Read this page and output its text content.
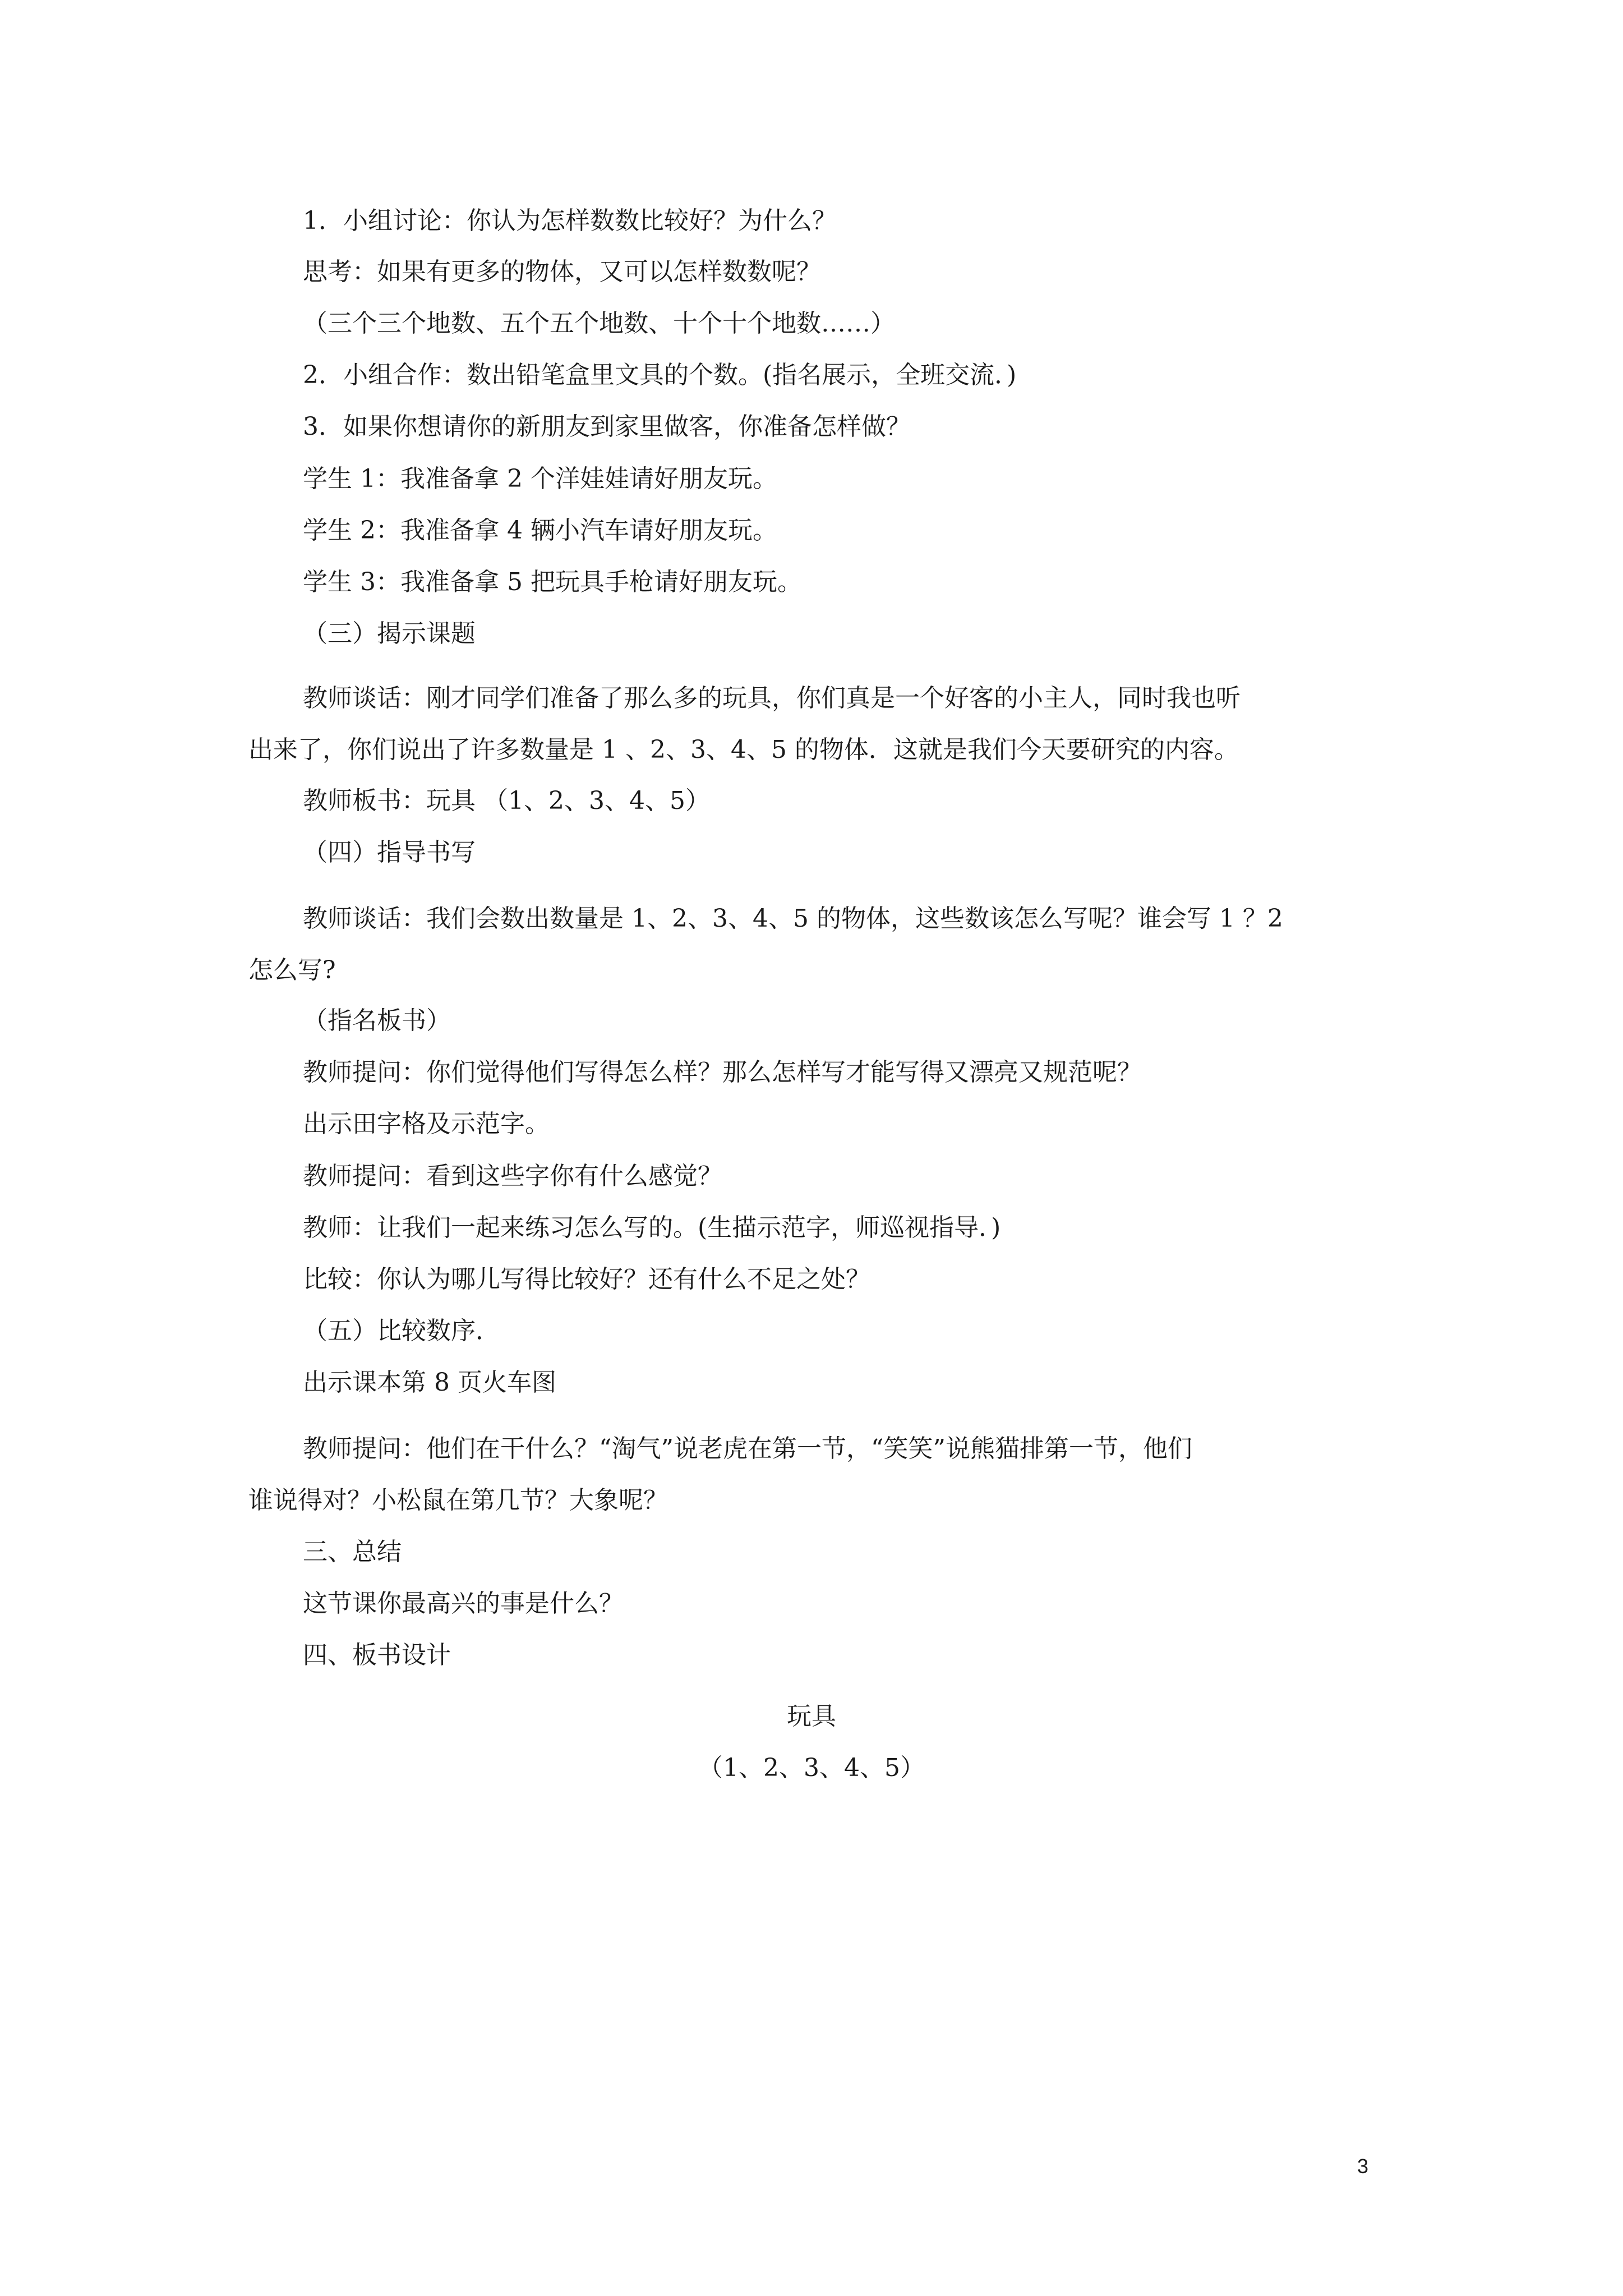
1．小组讨论：你认为怎样数数比较好？为什么？
思考：如果有更多的物体，又可以怎样数数呢？
（三个三个地数、五个五个地数、十个十个地数……）
2．小组合作：数出铅笔盒里文具的个数。(指名展示，全班交流．)
3．如果你想请你的新朋友到家里做客，你准备怎样做？
学生 1：我准备拿 2 个洋娃娃请好朋友玩。
学生 2：我准备拿 4 辆小汽车请好朋友玩。
学生 3：我准备拿 5 把玩具手枪请好朋友玩。
（三）揭示课题
教师谈话：刚才同学们准备了那么多的玩具，你们真是一个好客的小主人，同时我也听
出来了，你们说出了许多数量是 1 、2、3、4、5 的物体．这就是我们今天要研究的内容。
教师板书：玩具 （1、2、3、4、5）
（四）指导书写
教师谈话：我们会数出数量是 1、2、3、4、5 的物体，这些数该怎么写呢？谁会写 1 ？2
怎么写?
（指名板书）
教师提问：你们觉得他们写得怎么样？那么怎样写才能写得又漂亮又规范呢？
出示田字格及示范字。
教师提问：看到这些字你有什么感觉？
教师：让我们一起来练习怎么写的。(生描示范字，师巡视指导．)
比较：你认为哪儿写得比较好？还有什么不足之处？
（五）比较数序．
出示课本第 8 页火车图
教师提问：他们在干什么？“淘气”说老虎在第一节，“笑笑”说熊猫排第一节，他们
谁说得对？小松鼠在第几节？大象呢？
三、总结
这节课你最高兴的事是什么？
四、板书设计
玩具
（1、2、3、4、5）
3
